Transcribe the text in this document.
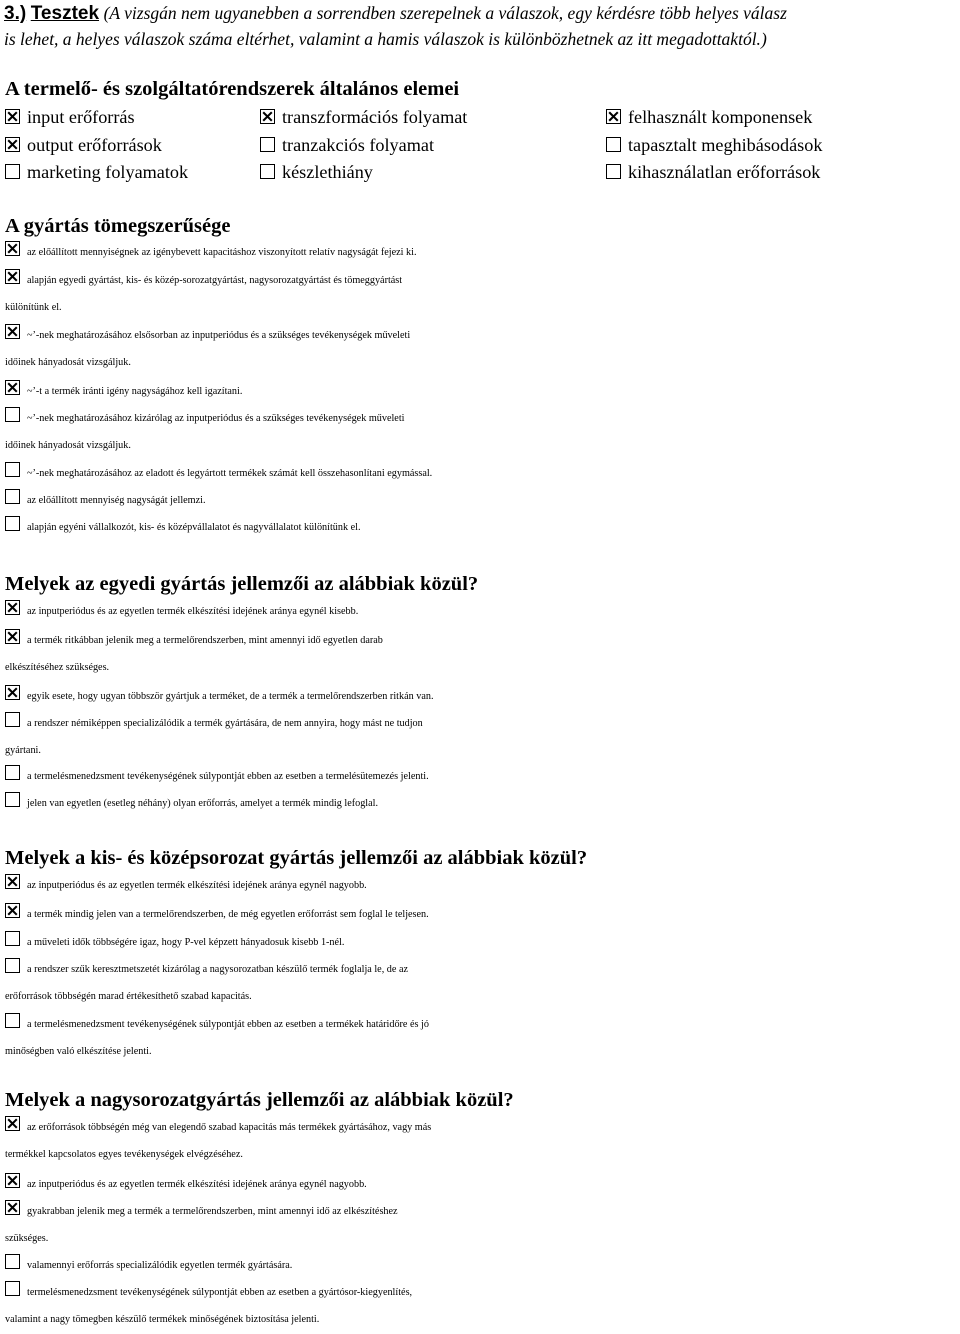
3.) Tesztek (A vizsgán nem ugyanebben a sorrendben szerepelnek a válaszok, egy kérdésre több helyes válasz
is lehet, a helyes válaszok száma eltérhet, valamint a hamis válaszok is különbözhetnek az itt megadottaktól.)
A termelő- és szolgáltatórendszerek általános elemei
input erőforrás	transzformációs folyamat	felhasznált komponensek
output erőforrások	tranzakciós folyamat	tapasztalt meghibásodások
marketing folyamatok	készlethiány	kihasználatlan erőforrások
A gyártás tömegszerűsége
az előállított mennyiségnek az igénybevett kapacitáshoz viszonyított relatív nagyságát fejezi ki.
alapján egyedi gyártást, kis- és közép-sorozatgyártást, nagysorozatgyártást és tömeggyártást
különítünk el.
~’-nek meghatározásához elsősorban az inputperiódus és a szükséges tevékenységek műveleti
időinek hányadosát vizsgáljuk.
~’-t a termék iránti igény nagyságához kell igazítani.
~’-nek meghatározásához kizárólag az inputperiódus és a szükséges tevékenységek műveleti
időinek hányadosát vizsgáljuk.
~’-nek meghatározásához az eladott és legyártott termékek számát kell összehasonlítani egymással.
az előállított mennyiség nagyságát jellemzi.
alapján egyéni vállalkozót, kis- és középvállalatot és nagyvállalatot különítünk el.
Melyek az egyedi gyártás jellemzői az alábbiak közül?
az inputperiódus és az egyetlen termék elkészítési idejének aránya egynél kisebb.
a termék ritkábban jelenik meg a termelőrendszerben, mint amennyi idő egyetlen darab
elkészítéséhez szükséges.
egyik esete, hogy ugyan többször gyártjuk a terméket, de a termék a termelőrendszerben ritkán van.
a rendszer némiképpen specializálódik a termék gyártására, de nem annyira, hogy mást ne tudjon
gyártani.
a termelésmenedzsment tevékenységének súlypontját ebben az esetben a termelésütemezés jelenti.
jelen van egyetlen (esetleg néhány) olyan erőforrás, amelyet a termék mindig lefoglal.
Melyek a kis- és középsorozat gyártás jellemzői az alábbiak közül?
az inputperiódus és az egyetlen termék elkészítési idejének aránya egynél nagyobb.
a termék mindig jelen van a termelőrendszerben, de még egyetlen erőforrást sem foglal le teljesen.
a műveleti idők többségére igaz, hogy P-vel képzett hányadosuk kisebb 1-nél.
a rendszer szűk keresztmetszetét kizárólag a nagysorozatban készülő termék foglalja le, de az
erőforrások többségén marad értékesíthető szabad kapacitás.
a termelésmenedzsment tevékenységének súlypontját ebben az esetben a termékek határidőre és jó
minőségben való elkészítése jelenti.
Melyek a nagysorozatgyártás jellemzői az alábbiak közül?
az erőforrások többségén még van elegendő szabad kapacitás más termékek gyártásához, vagy más
termékkel kapcsolatos egyes tevékenységek elvégzéséhez.
az inputperiódus és az egyetlen termék elkészítési idejének aránya egynél nagyobb.
gyakrabban jelenik meg a termék a termelőrendszerben, mint amennyi idő az elkészítéshez
szükséges.
valamennyi erőforrás specializálódik egyetlen termék gyártására.
termelésmenedzsment tevékenységének súlypontját ebben az esetben a gyártósor-kiegyenlítés,
valamint a nagy tömegben készülő termékek minőségének biztosítása jelenti.
